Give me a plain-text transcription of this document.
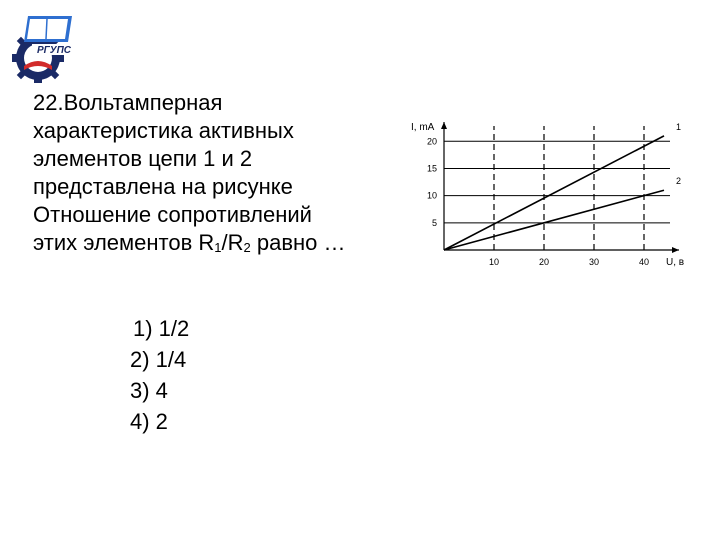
РГУПС
22.Вольтамперная
характеристика активных
элементов цепи 1 и 2
представлена на рисунке
Отношение сопротивлений
этих элементов $R_1/R_2$ равно …
1) 1/2
2) 1/4
3) 4
4) 2
5
10
15
20
10	20	30	40
I, mA
U, в
1
2
